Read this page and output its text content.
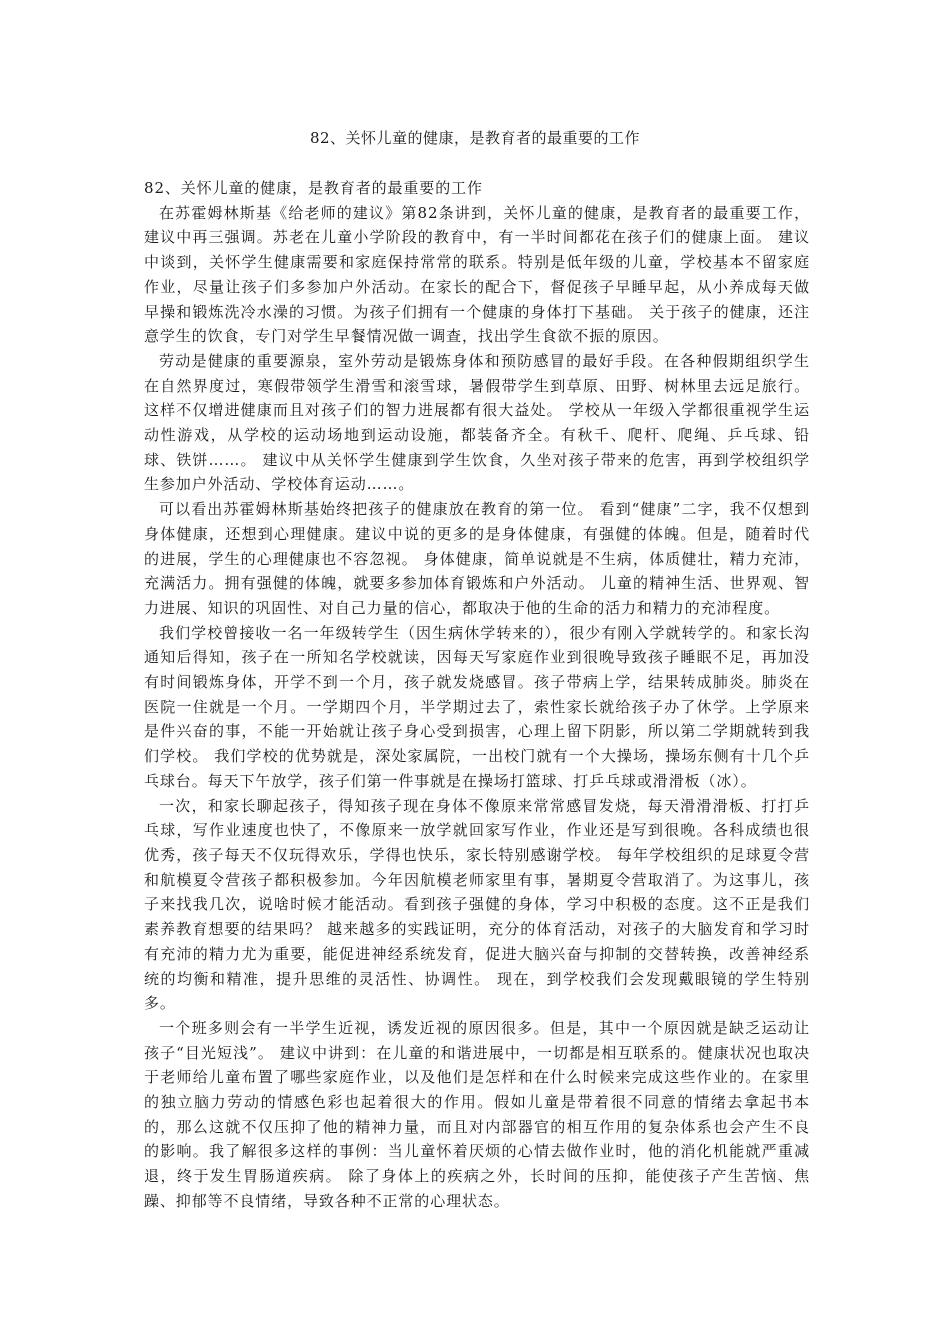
82、关怀儿童的健康，是教育者的最重要的工作

82、关怀儿童的健康，是教育者的最重要的工作

在苏霍姆林斯基《给老师的建议》第82条讲到，关怀儿童的健康，是教育者的最重要工作，建议中再三强调。苏老在儿童小学阶段的教育中，有一半时间都花在孩子们的健康上面。 建议中谈到，关怀学生健康需要和家庭保持常常的联系。特别是低年级的儿童，学校基本不留家庭作业，尽量让孩子们多参加户外活动。在家长的配合下，督促孩子早睡早起，从小养成每天做早操和锻炼洗冷水澡的习惯。为孩子们拥有一个健康的身体打下基础。 关于孩子的健康，还注意学生的饮食，专门对学生早餐情况做一调查，找出学生食欲不振的原因。

劳动是健康的重要源泉，室外劳动是锻炼身体和预防感冒的最好手段。在各种假期组织学生在自然界度过，寒假带领学生滑雪和滚雪球，暑假带学生到草原、田野、树林里去远足旅行。这样不仅增进健康而且对孩子们的智力进展都有很大益处。 学校从一年级入学都很重视学生运动性游戏，从学校的运动场地到运动设施，都装备齐全。有秋千、爬杆、爬绳、乒乓球、铅球、铁饼……。 建议中从关怀学生健康到学生饮食，久坐对孩子带来的危害，再到学校组织学生参加户外活动、学校体育运动……。

可以看出苏霍姆林斯基始终把孩子的健康放在教育的第一位。 看到“健康”二字，我不仅想到身体健康，还想到心理健康。建议中说的更多的是身体健康，有强健的体魄。但是，随着时代的进展，学生的心理健康也不容忽视。 身体健康，简单说就是不生病，体质健壮，精力充沛，充满活力。拥有强健的体魄，就要多参加体育锻炼和户外活动。 儿童的精神生活、世界观、智力进展、知识的巩固性、对自己力量的信心，都取决于他的生命的活力和精力的充沛程度。

我们学校曾接收一名一年级转学生（因生病休学转来的），很少有刚入学就转学的。和家长沟通知后得知，孩子在一所知名学校就读，因每天写家庭作业到很晚导致孩子睡眠不足，再加没有时间锻炼身体，开学不到一个月，孩子就发烧感冒。孩子带病上学，结果转成肺炎。肺炎在医院一住就是一个月。一学期四个月，半学期过去了，索性家长就给孩子办了休学。上学原来是件兴奋的事，不能一开始就让孩子身心受到损害，心理上留下阴影，所以第二学期就转到我们学校。 我们学校的优势就是，深处家属院，一出校门就有一个大操场，操场东侧有十几个乒乓球台。每天下午放学，孩子们第一件事就是在操场打篮球、打乒乓球或滑滑板（冰）。

一次，和家长聊起孩子，得知孩子现在身体不像原来常常感冒发烧，每天滑滑滑板、打打乒乓球，写作业速度也快了，不像原来一放学就回家写作业，作业还是写到很晚。各科成绩也很优秀，孩子每天不仅玩得欢乐，学得也快乐，家长特别感谢学校。 每年学校组织的足球夏令营和航模夏令营孩子都积极参加。今年因航模老师家里有事，暑期夏令营取消了。为这事儿，孩子来找我几次，说啥时候才能活动。看到孩子强健的身体，学习中积极的态度。这不正是我们素养教育想要的结果吗？ 越来越多的实践证明，充分的体育活动，对孩子的大脑发育和学习时有充沛的精力尤为重要，能促进神经系统发育，促进大脑兴奋与抑制的交替转换，改善神经系统的均衡和精准，提升思维的灵活性、协调性。 现在，到学校我们会发现戴眼镜的学生特别多。

一个班多则会有一半学生近视，诱发近视的原因很多。但是，其中一个原因就是缺乏运动让孩子“目光短浅”。 建议中讲到：在儿童的和谐进展中，一切都是相互联系的。健康状况也取决于老师给儿童布置了哪些家庭作业，以及他们是怎样和在什么时候来完成这些作业的。在家里的独立脑力劳动的情感色彩也起着很大的作用。假如儿童是带着很不同意的情绪去拿起书本的，那么这就不仅压抑了他的精神力量，而且对内部器官的相互作用的复杂体系也会产生不良的影响。我了解很多这样的事例：当儿童怀着厌烦的心情去做作业时，他的消化机能就严重减退，终于发生胃肠道疾病。 除了身体上的疾病之外，长时间的压抑，能使孩子产生苦恼、焦躁、抑郁等不良情绪，导致各种不正常的心理状态。
